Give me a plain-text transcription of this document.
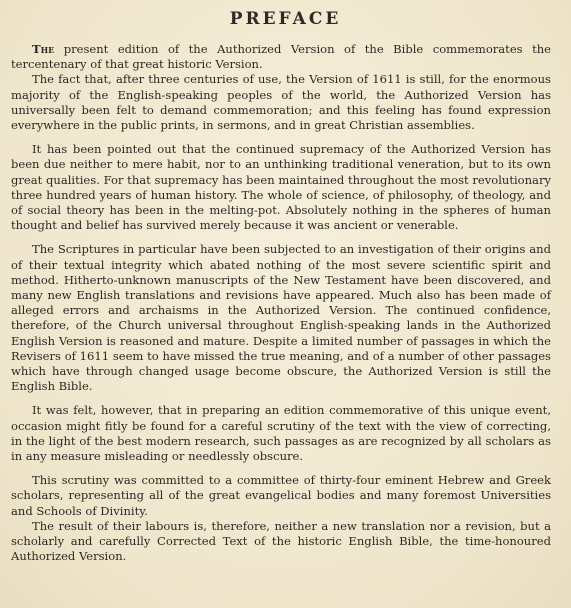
PREFACE

The present edition of the Authorized Version of the Bible commemorates the tercentenary of that great historic Version.

The fact that, after three centuries of use, the Version of 1611 is still, for the enormous majority of the English-speaking peoples of the world, the Authorized Version has universally been felt to demand commemoration; and this feeling has found expression everywhere in the public prints, in sermons, and in great Christian assemblies.

It has been pointed out that the continued supremacy of the Authorized Version has been due neither to mere habit, nor to an unthinking traditional veneration, but to its own great qualities. For that supremacy has been maintained throughout the most revolutionary three hundred years of human history. The whole of science, of philosophy, of theology, and of social theory has been in the melting-pot. Absolutely nothing in the spheres of human thought and belief has survived merely because it was ancient or venerable.

The Scriptures in particular have been subjected to an investigation of their origins and of their textual integrity which abated nothing of the most severe scientific spirit and method. Hitherto-unknown manuscripts of the New Testament have been discovered, and many new English translations and revisions have appeared. Much also has been made of alleged errors and archaisms in the Authorized Version. The continued confidence, therefore, of the Church universal throughout English-speaking lands in the Authorized English Version is reasoned and mature. Despite a limited number of passages in which the Revisers of 1611 seem to have missed the true meaning, and of a number of other passages which have through changed usage become obscure, the Authorized Version is still the English Bible.

It was felt, however, that in preparing an edition commemorative of this unique event, occasion might fitly be found for a careful scrutiny of the text with the view of correcting, in the light of the best modern research, such passages as are recognized by all scholars as in any measure misleading or needlessly obscure.

This scrutiny was committed to a committee of thirty-four eminent Hebrew and Greek scholars, representing all of the great evangelical bodies and many foremost Universities and Schools of Divinity.

The result of their labours is, therefore, neither a new translation nor a revision, but a scholarly and carefully Corrected Text of the historic English Bible, the time-honoured Authorized Version.
